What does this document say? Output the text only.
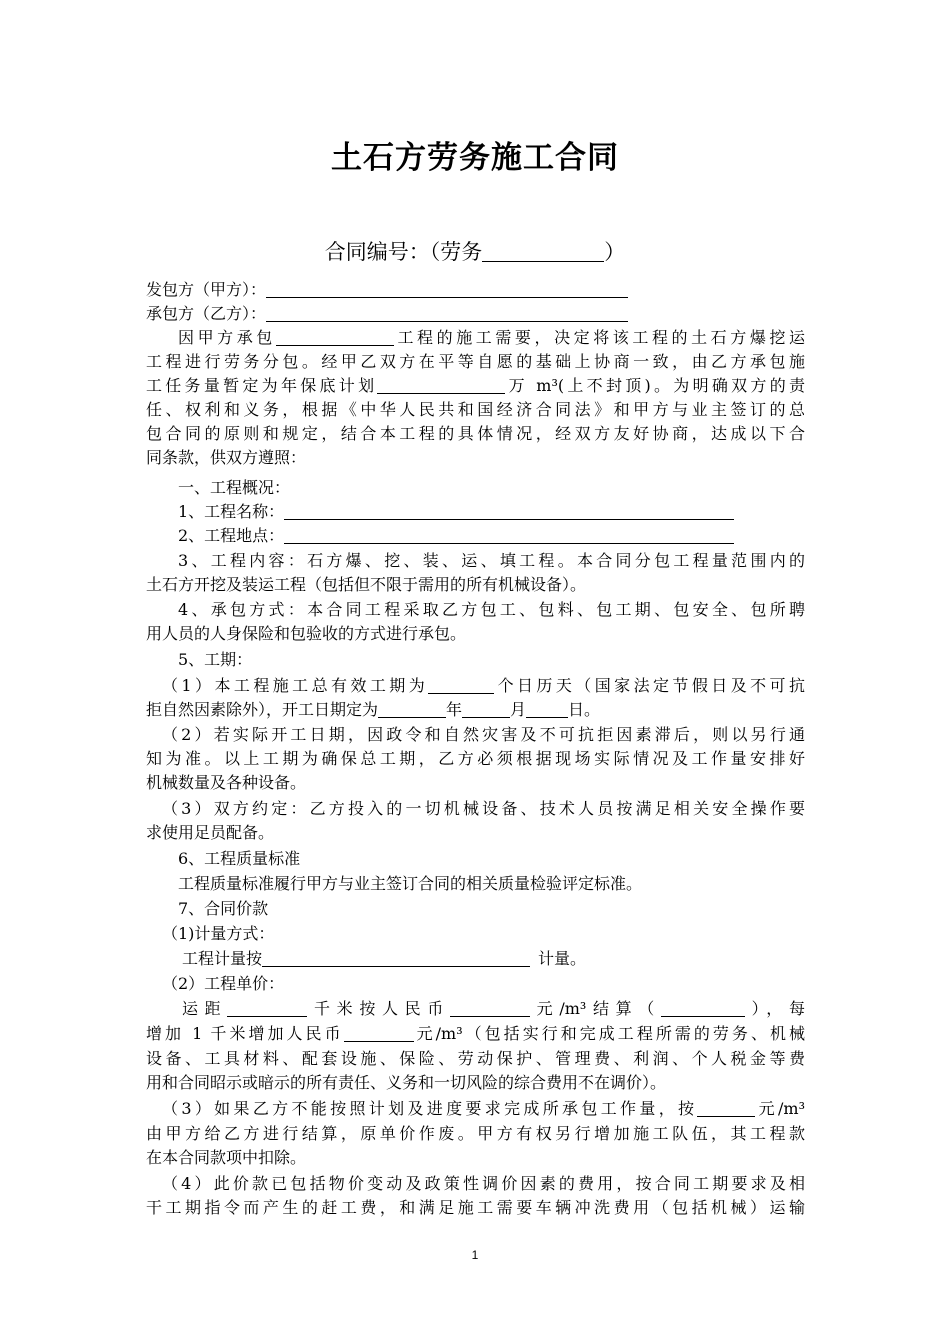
土石方劳务施工合同
合同编号：（劳务	）
发包方（甲方）：
承包方（乙方）：
因甲方承包	工程的施工需要，决定将该工程的土石方爆挖运
工程进行劳务分包。经甲乙双方在平等自愿的基础上协商一致，由乙方承包施
工任务量暂定为年保底计划	万 m³(上不封顶)。为明确双方的责
任、权利和义务，根据《中华人民共和国经济合同法》和甲方与业主签订的总
包合同的原则和规定，结合本工程的具体情况，经双方友好协商，达成以下合
同条款，供双方遵照：
一、工程概况：
1、工程名称：
2、工程地点：
3、工程内容：石方爆、挖、装、运、填工程。本合同分包工程量范围内的
土石方开挖及装运工程（包括但不限于需用的所有机械设备）。
4、承包方式：本合同工程采取乙方包工、包料、包工期、包安全、包所聘
用人员的人身保险和包验收的方式进行承包。
5、工期：
（1）本工程施工总有效工期为	个日历天（国家法定节假日及不可抗
拒自然因素除外），开工日期定为	年	月	日。
（2）若实际开工日期，因政令和自然灾害及不可抗拒因素滞后，则以另行通
知为准。以上工期为确保总工期，乙方必须根据现场实际情况及工作量安排好
机械数量及各种设备。
（3）双方约定：乙方投入的一切机械设备、技术人员按满足相关安全操作要
求使用足员配备。
6、工程质量标准
工程质量标准履行甲方与业主签订合同的相关质量检验评定标准。
7、合同价款
（1)计量方式：
工程计量按	计量。
（2）工程单价：
运距	千米按人民币	元/m³结算（	），每
增加 1 千米增加人民币	元/m³（包括实行和完成工程所需的劳务、机械
设备、工具材料、配套设施、保险、劳动保护、管理费、利润、个人税金等费
用和合同昭示或暗示的所有责任、义务和一切风险的综合费用不在调价）。
（3）如果乙方不能按照计划及进度要求完成所承包工作量，按	元/m³
由甲方给乙方进行结算，原单价作废。甲方有权另行增加施工队伍，其工程款
在本合同款项中扣除。
（4）此价款已包括物价变动及政策性调价因素的费用，按合同工期要求及相
干工期指令而产生的赶工费，和满足施工需要车辆冲洗费用（包括机械）运输
1
